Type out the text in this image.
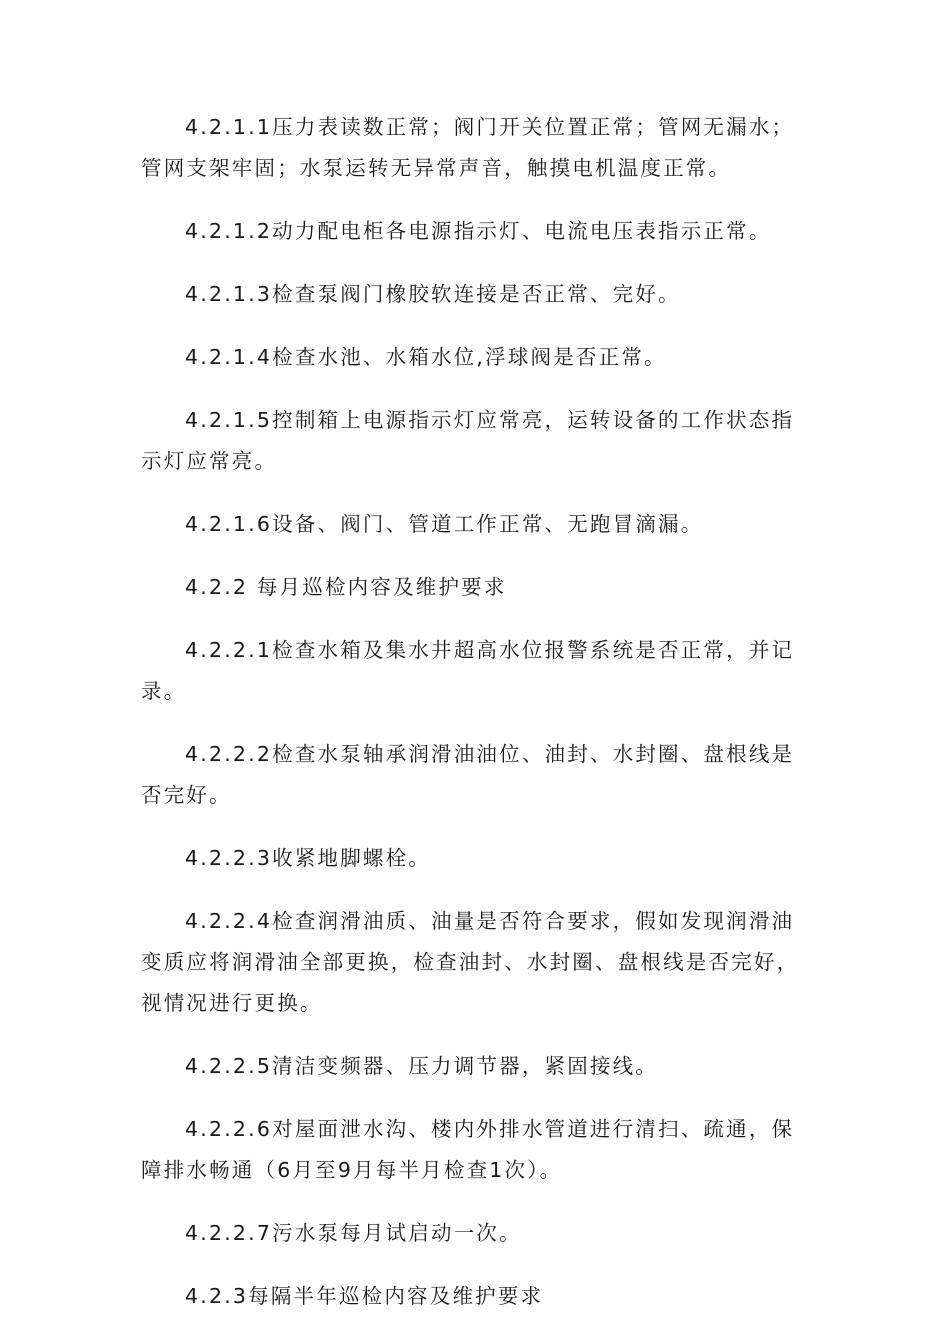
4.2.1.1压力表读数正常；阀门开关位置正常；管网无漏水；管网支架牢固；水泵运转无异常声音，触摸电机温度正常。

4.2.1.2动力配电柜各电源指示灯、电流电压表指示正常。

4.2.1.3检查泵阀门橡胶软连接是否正常、完好。

4.2.1.4检查水池、水箱水位,浮球阀是否正常。

4.2.1.5控制箱上电源指示灯应常亮，运转设备的工作状态指示灯应常亮。

4.2.1.6设备、阀门、管道工作正常、无跑冒滴漏。

4.2.2 每月巡检内容及维护要求

4.2.2.1检查水箱及集水井超高水位报警系统是否正常，并记录。

4.2.2.2检查水泵轴承润滑油油位、油封、水封圈、盘根线是否完好。

4.2.2.3收紧地脚螺栓。

4.2.2.4检查润滑油质、油量是否符合要求，假如发现润滑油变质应将润滑油全部更换，检查油封、水封圈、盘根线是否完好，视情况进行更换。

4.2.2.5清洁变频器、压力调节器，紧固接线。

4.2.2.6对屋面泄水沟、楼内外排水管道进行清扫、疏通，保障排水畅通（6月至9月每半月检查1次）。

4.2.2.7污水泵每月试启动一次。

4.2.3每隔半年巡检内容及维护要求
